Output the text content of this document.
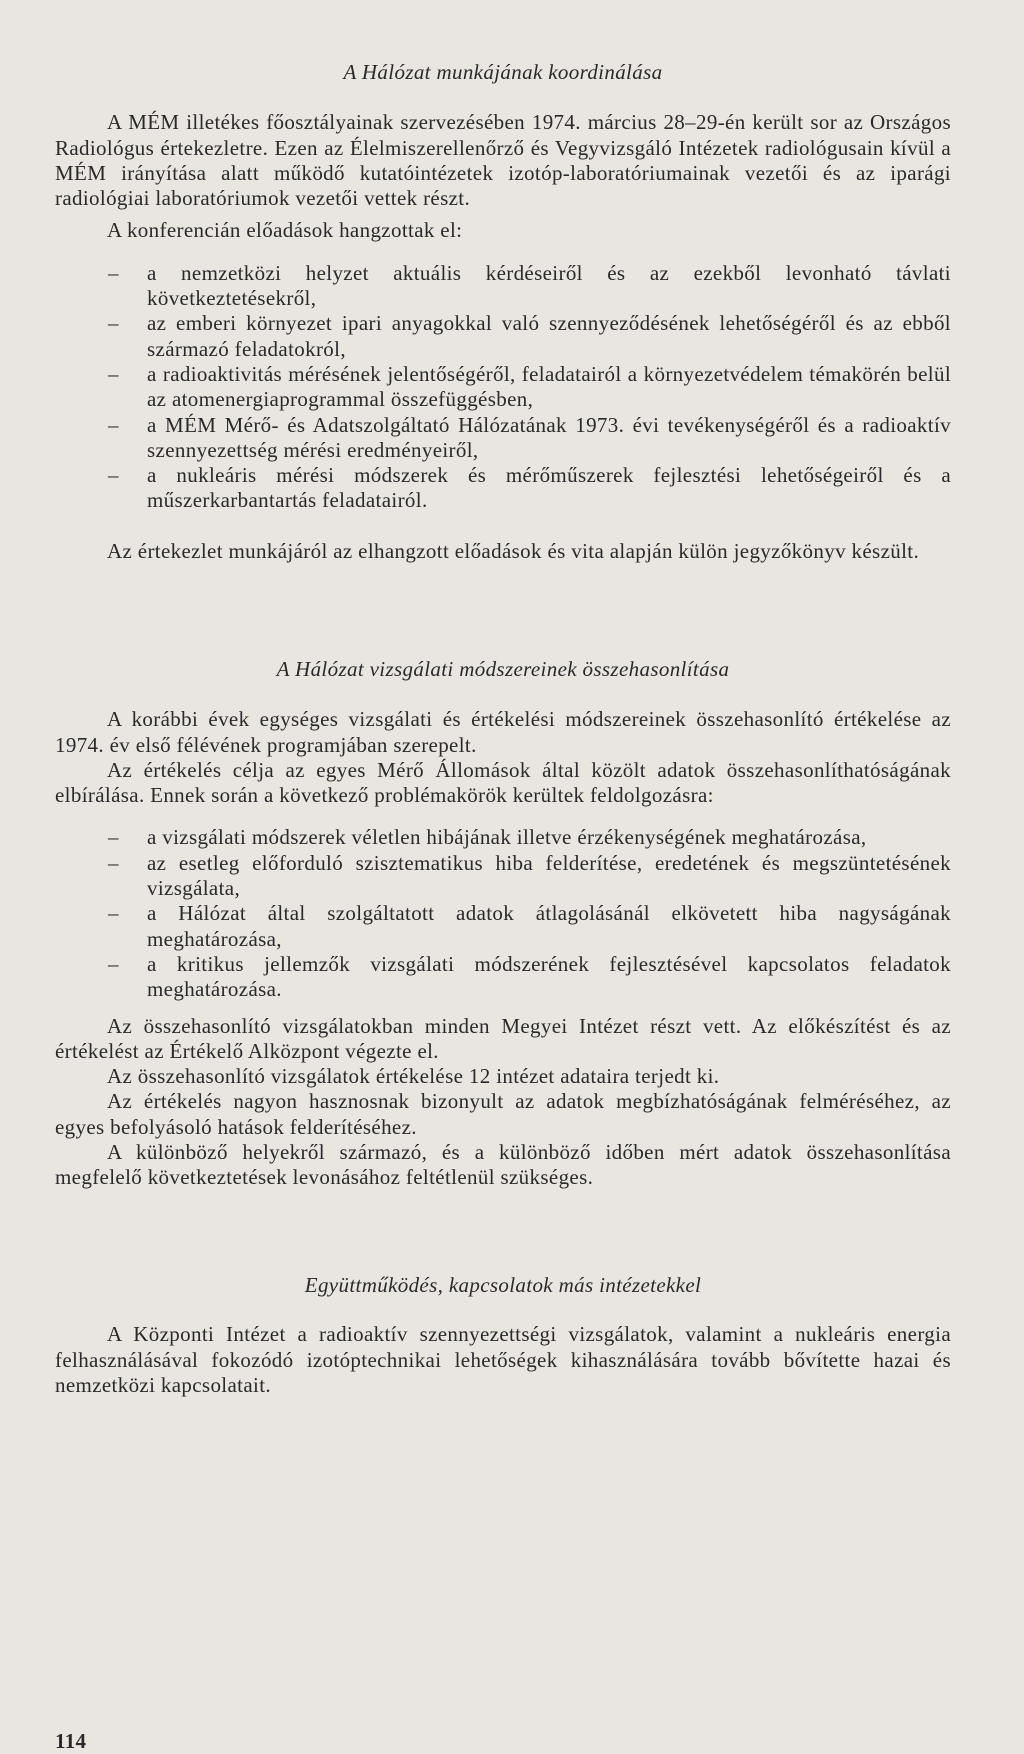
A Hálózat munkájának koordinálása

A MÉM illetékes főosztályainak szervezésében 1974. március 28–29-én került sor az Országos Radiológus értekezletre. Ezen az Élelmiszerellenőrző és Vegyvizsgáló Intézetek radiológusain kívül a MÉM irányítása alatt működő kutatóintézetek izotóp-laboratóriumainak vezetői és az iparági radiológiai laboratóriumok vezetői vettek részt.

A konferencián előadások hangzottak el:

– a nemzetközi helyzet aktuális kérdéseiről és az ezekből levonható távlati következtetésekről,
– az emberi környezet ipari anyagokkal való szennyeződésének lehetőségéről és az ebből származó feladatokról,
– a radioaktivitás mérésének jelentőségéről, feladatairól a környezetvédelem témakörén belül az atomenergiaprogrammal összefüggésben,
– a MÉM Mérő- és Adatszolgáltató Hálózatának 1973. évi tevékenységéről és a radioaktív szennyezettség mérési eredményeiről,
– a nukleáris mérési módszerek és mérőműszerek fejlesztési lehetőségeiről és a műszerkarbantartás feladatairól.

Az értekezlet munkájáról az elhangzott előadások és vita alapján külön jegyzőkönyv készült.

A Hálózat vizsgálati módszereinek összehasonlítása

A korábbi évek egységes vizsgálati és értékelési módszereinek összehasonlító értékelése az 1974. év első félévének programjában szerepelt.

Az értékelés célja az egyes Mérő Állomások által közölt adatok összehasonlíthatóságának elbírálása. Ennek során a következő problémakörök kerültek feldolgozásra:

– a vizsgálati módszerek véletlen hibájának illetve érzékenységének meghatározása,
– az esetleg előforduló szisztematikus hiba felderítése, eredetének és megszüntetésének vizsgálata,
– a Hálózat által szolgáltatott adatok átlagolásánál elkövetett hiba nagyságának meghatározása,
– a kritikus jellemzők vizsgálati módszerének fejlesztésével kapcsolatos feladatok meghatározása.

Az összehasonlító vizsgálatokban minden Megyei Intézet részt vett. Az előkészítést és az értékelést az Értékelő Alközpont végezte el.

Az összehasonlító vizsgálatok értékelése 12 intézet adataira terjedt ki.

Az értékelés nagyon hasznosnak bizonyult az adatok megbízhatóságának felméréséhez, az egyes befolyásoló hatások felderítéséhez.

A különböző helyekről származó, és a különböző időben mért adatok összehasonlítása megfelelő következtetések levonásához feltétlenül szükséges.

Együttműködés, kapcsolatok más intézetekkel

A Központi Intézet a radioaktív szennyezettségi vizsgálatok, valamint a nukleáris energia felhasználásával fokozódó izotóptechnikai lehetőségek kihasználására tovább bővítette hazai és nemzetközi kapcsolatait.

114
